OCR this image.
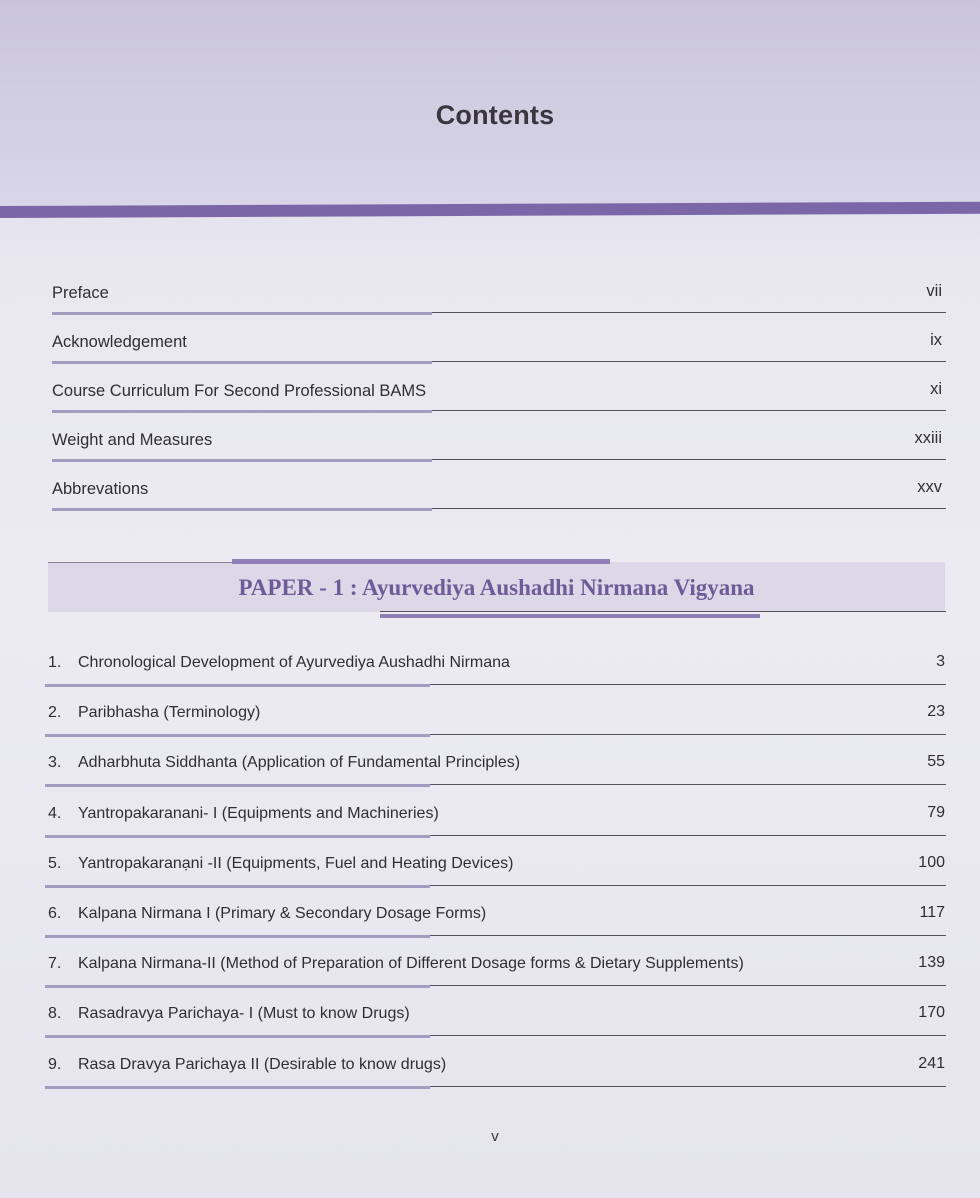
Contents
Preface	vii
Acknowledgement	ix
Course Curriculum For Second Professional BAMS	xi
Weight and Measures	xxiii
Abbrevations	xxv
PAPER - 1 : Ayurvediya Aushadhi Nirmana Vigyana
1.	Chronological Development of Ayurvediya Aushadhi Nirmana	3
2.	Paribhasha (Terminology)	23
3.	Adharbhuta Siddhanta (Application of Fundamental Principles)	55
4.	Yantropakaranani- I (Equipments and Machineries)	79
5.	Yantropakaranạni -II (Equipments, Fuel and Heating Devices)	100
6.	Kalpana Nirmana I (Primary & Secondary Dosage Forms)	117
7.	Kalpana Nirmana-II (Method of Preparation of Different Dosage forms & Dietary Supplements)	139
8.	Rasadravya Parichaya- I (Must to know Drugs)	170
9.	Rasa Dravya Parichaya II (Desirable to know drugs)	241
v
